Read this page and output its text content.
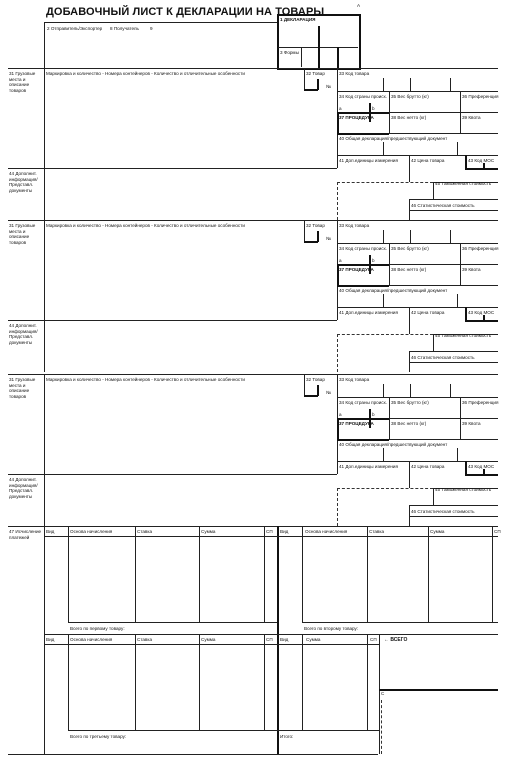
ДОБАВОЧНЫЙ ЛИСТ К ДЕКЛАРАЦИИ НА ТОВАРЫ
А
2 Отправитель/Экспортер 8 Получатель 9
1 ДЕКЛАРАЦИЯ
3 Формы
31 Грузовые места и описание товаров
Маркировка и количество - Номера контейнеров - Количество и отличительные особенности	32 Товар
№
33 Код товара
34 Код страны происх.
а	b
35 Вес брутто (кг)	36 Преференция
37 ПРОЦЕДУРА	38 Вес нетто (кг)	39 Квота
40 Общая декларация/предшествующий документ
41 Доп.единицы измерения	42 Цена товара	43 Код МОС
44 Дополнит. информация/ Представл. документы
45 Таможенная стоимость
46 Статистическая стоимость
31 Грузовые места и описание товаров
Маркировка и количество - Номера контейнеров - Количество и отличительные особенности	32 Товар
№
33 Код товара
34 Код страны происх.
а	b
35 Вес брутто (кг)	36 Преференция
37 ПРОЦЕДУРА	38 Вес нетто (кг)	39 Квота
40 Общая декларация/предшествующий документ
41 Доп.единицы измерения	42 Цена товара	43 Код МОС
44 Дополнит. информация/ Представл. документы
45 Таможенная стоимость
46 Статистическая стоимость
31 Грузовые места и описание товаров
Маркировка и количество - Номера контейнеров - Количество и отличительные особенности	32 Товар
№
33 Код товара
34 Код страны происх.
а	b
35 Вес брутто (кг)	36 Преференция
37 ПРОЦЕДУРА	38 Вес нетто (кг)	39 Квота
40 Общая декларация/предшествующий документ
41 Доп.единицы измерения	42 Цена товара	43 Код МОС
44 Дополнит. информация/ Представл. документы
45 Таможенная стоимость
46 Статистическая стоимость
47 Исчисление платежей
Вид	Основа начисления	Ставка	Сумма	СП
Всего по первому товару:
Вид	Основа начисления	Ставка	Сумма	СП
Всего по второму товару:
Вид	Основа начисления	Ставка	Сумма	СП
Всего по третьему товару:
Вид	Сумма	СП
Итого:
← ВСЕГО
С
